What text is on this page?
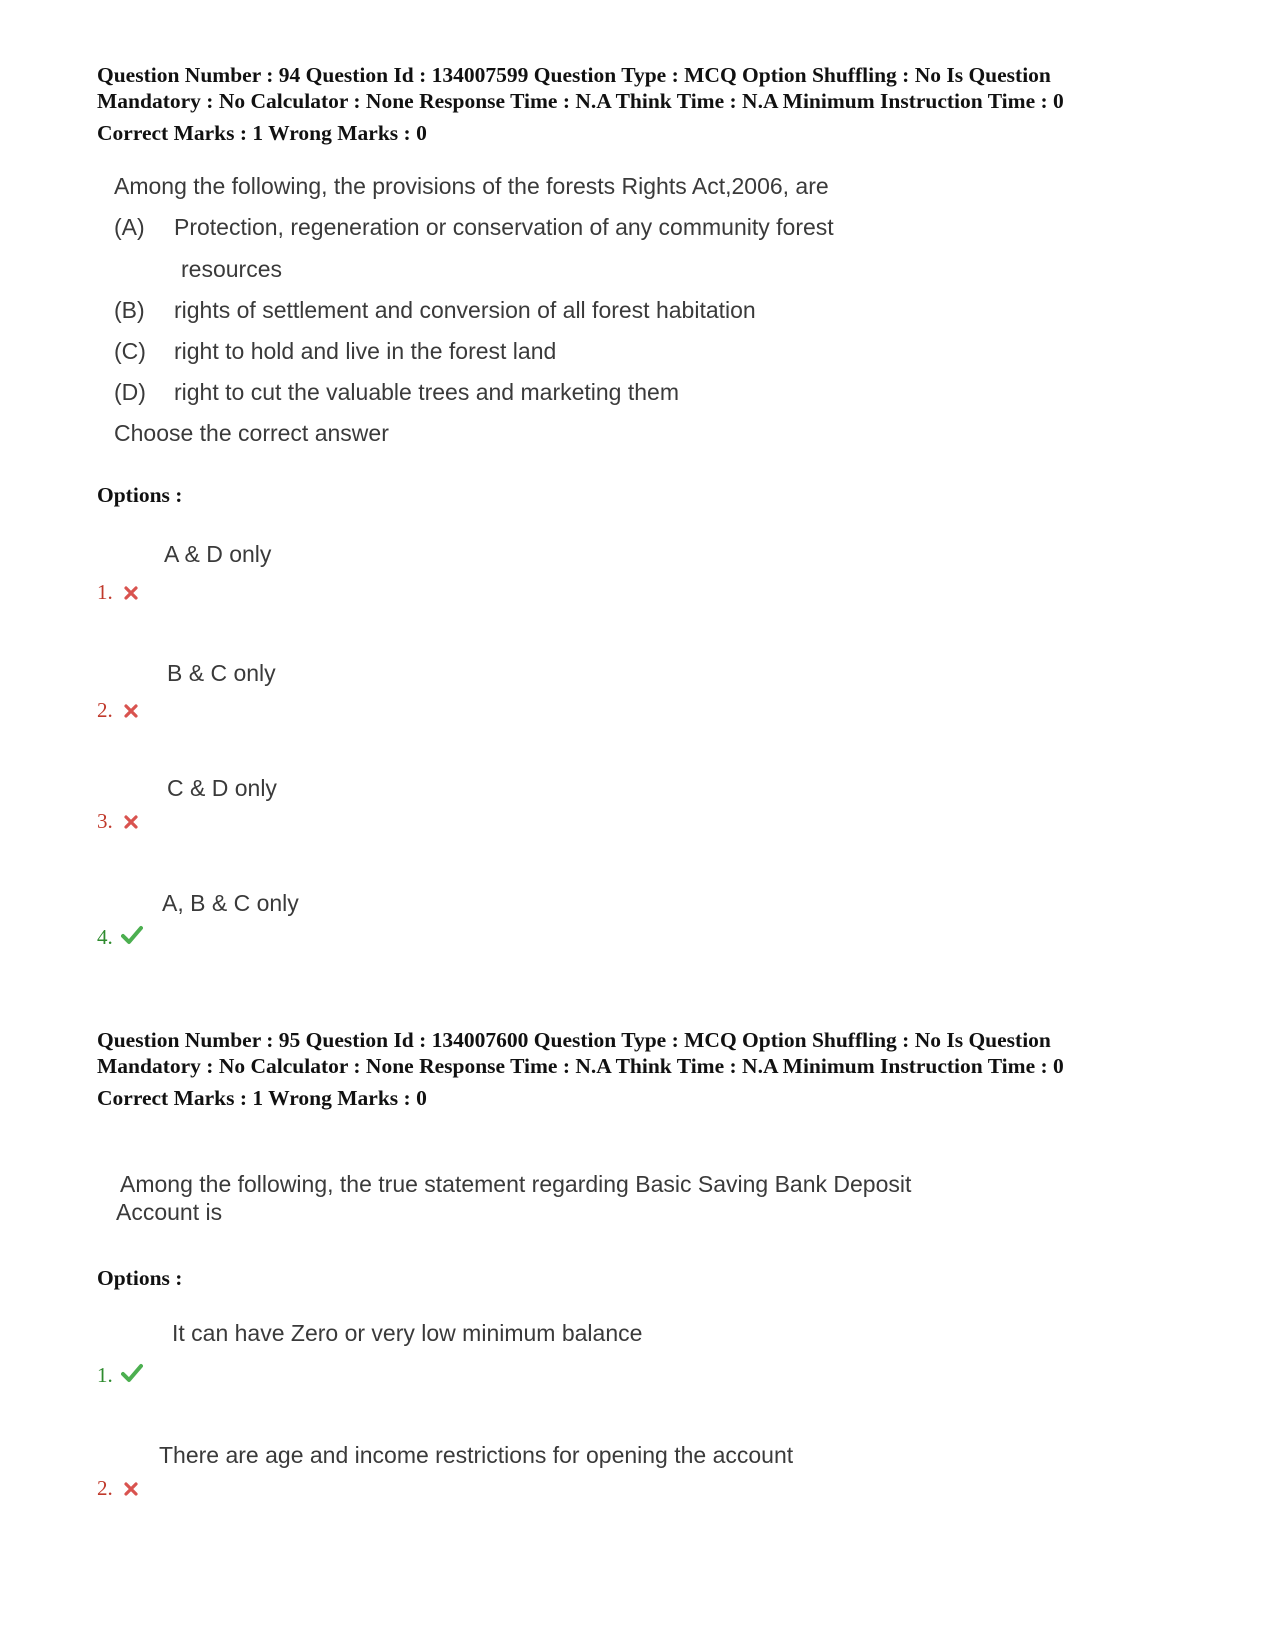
Question Number : 94 Question Id : 134007599 Question Type : MCQ Option Shuffling : No Is Question
Mandatory : No Calculator : None Response Time : N.A Think Time : N.A Minimum Instruction Time : 0
Correct Marks : 1 Wrong Marks : 0
Among the following, the provisions of the forests Rights Act,2006, are
(A) Protection, regeneration or conservation of any community forest
resources
(B) rights of settlement and conversion of all forest habitation
(C) right to hold and live in the forest land
(D) right to cut the valuable trees and marketing them
Choose the correct answer
Options :
A & D only
1.
B & C only
2.
C & D only
3.
A, B & C only
4.
Question Number : 95 Question Id : 134007600 Question Type : MCQ Option Shuffling : No Is Question
Mandatory : No Calculator : None Response Time : N.A Think Time : N.A Minimum Instruction Time : 0
Correct Marks : 1 Wrong Marks : 0
Among the following, the true statement regarding Basic Saving Bank Deposit
Account is
Options :
It can have Zero or very low minimum balance
1.
There are age and income restrictions for opening the account
2.
